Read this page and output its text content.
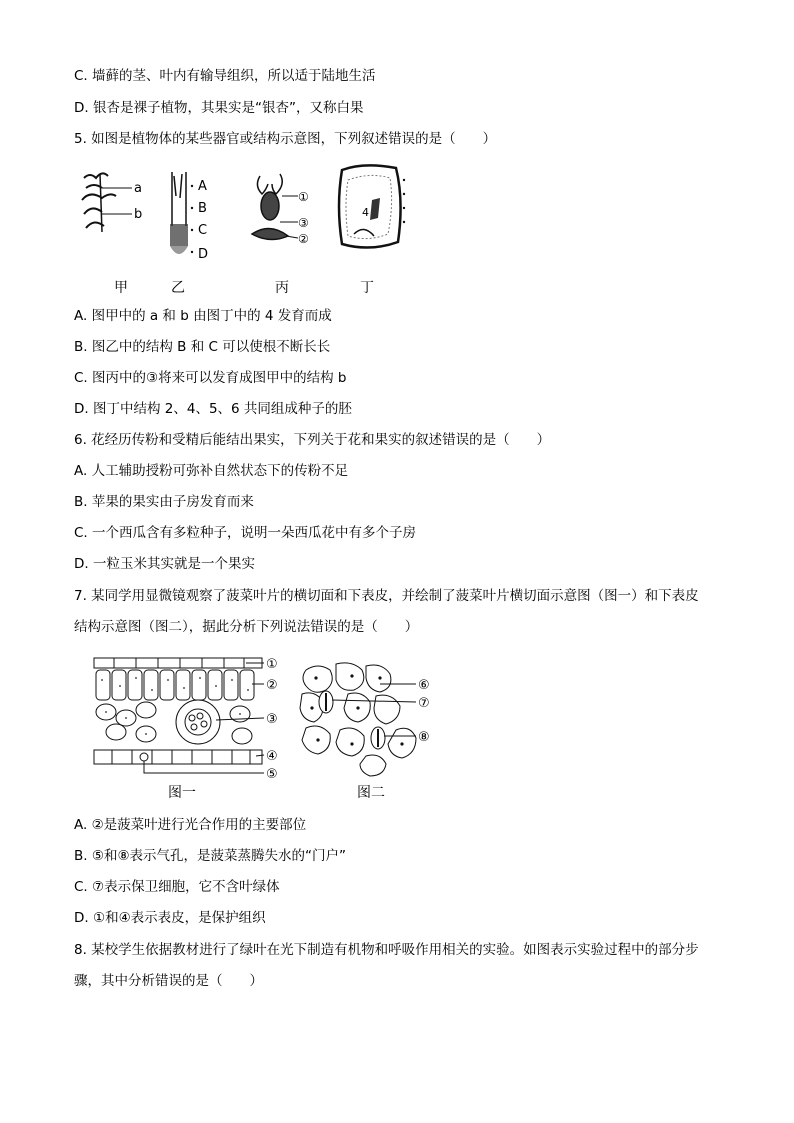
C. 墙藓的茎、叶内有输导组织，所以适于陆地生活
D. 银杏是裸子植物，其果实是“银杏”，又称白果
5. 如图是植物体的某些器官或结构示意图，下列叙述错误的是（　　）
a
b
A
B
C
D
①
③
②
4
甲	乙	丙	丁
A. 图甲中的 a 和 b 由图丁中的 4 发育而成
B. 图乙中的结构 B 和 C 可以使根不断长长
C. 图丙中的③将来可以发育成图甲中的结构 b
D. 图丁中结构 2、4、5、6 共同组成种子的胚
6. 花经历传粉和受精后能结出果实，下列关于花和果实的叙述错误的是（　　）
A. 人工辅助授粉可弥补自然状态下的传粉不足
B. 苹果的果实由子房发育而来
C. 一个西瓜含有多粒种子，说明一朵西瓜花中有多个子房
D. 一粒玉米其实就是一个果实
7. 某同学用显微镜观察了菠菜叶片的横切面和下表皮，并绘制了菠菜叶片横切面示意图（图一）和下表皮
结构示意图（图二），据此分析下列说法错误的是（　　）
①
②
③
④
⑤
⑥
⑦
⑧
图一	图二
A. ②是菠菜叶进行光合作用的主要部位
B. ⑤和⑧表示气孔，是菠菜蒸腾失水的“门户”
C. ⑦表示保卫细胞，它不含叶绿体
D. ①和④表示表皮，是保护组织
8. 某校学生依据教材进行了绿叶在光下制造有机物和呼吸作用相关的实验。如图表示实验过程中的部分步
骤，其中分析错误的是（　　）
